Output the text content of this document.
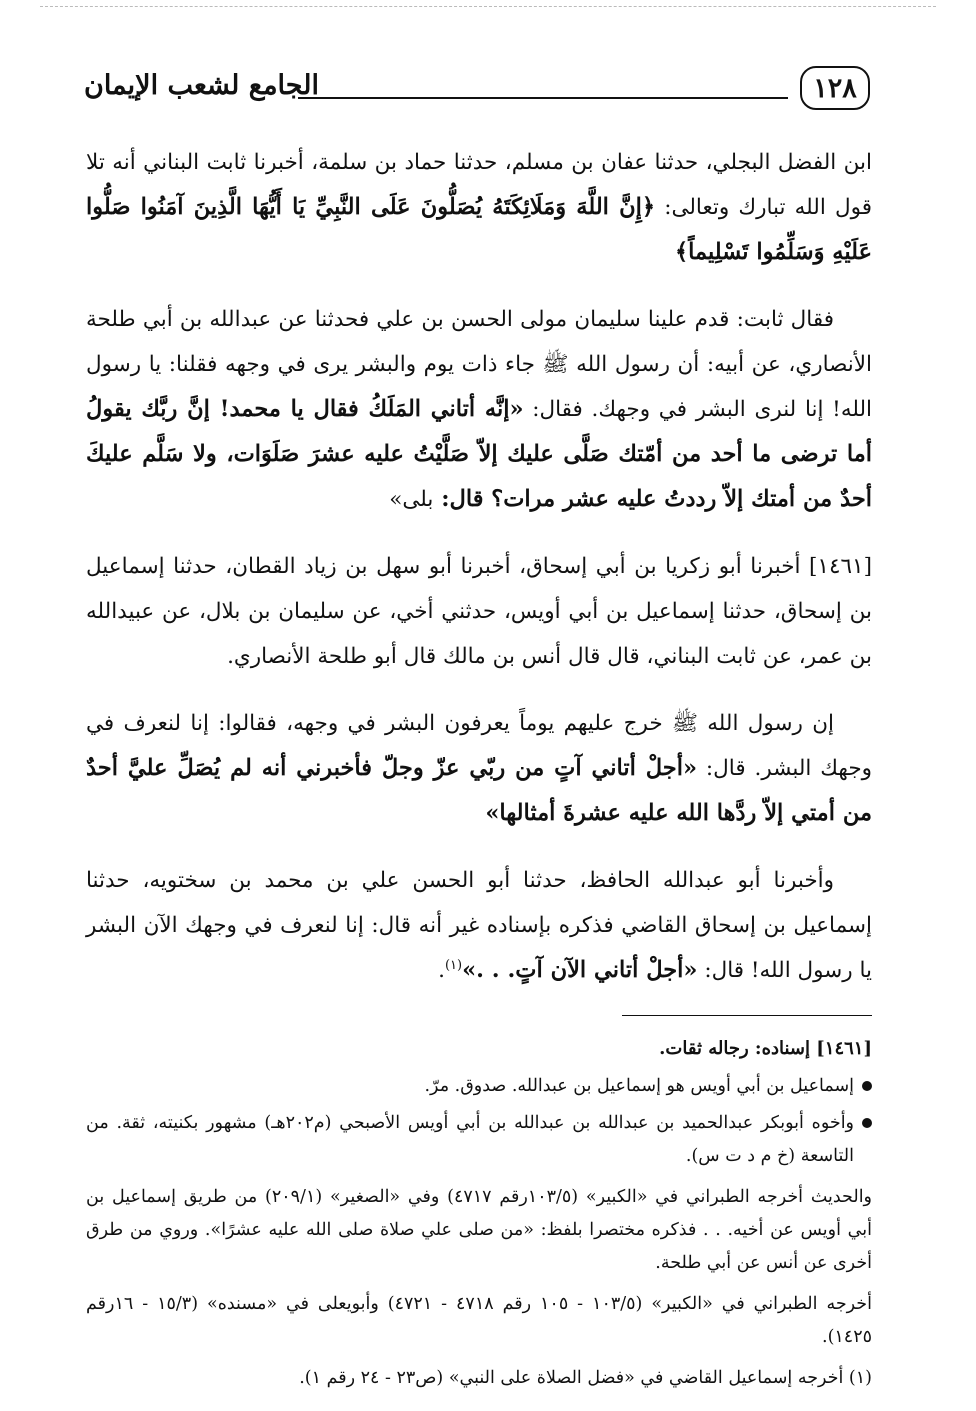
١٢٨
الجامع لشعب الإيمان

ابن الفضل البجلي، حدثنا عفان بن مسلم، حدثنا حماد بن سلمة، أخبرنا ثابت البناني أنه تلا قول الله تبارك وتعالى: ﴿إِنَّ اللَّهَ وَمَلَائِكَتَهُ يُصَلُّونَ عَلَى النَّبِيِّ يَا أَيُّهَا الَّذِينَ آمَنُوا صَلُّوا عَلَيْهِ وَسَلِّمُوا تَسْلِيماً﴾

فقال ثابت: قدم علينا سليمان مولى الحسن بن علي فحدثنا عن عبدالله بن أبي طلحة الأنصاري، عن أبيه: أن رسول الله ﷺ جاء ذات يوم والبشر يرى في وجهه فقلنا: يا رسول الله! إنا لنرى البشر في وجهك. فقال: «إنَّه أتاني المَلَكُ فقال يا محمد! إنَّ ربَّك يقولُ أما ترضى ما أحد من أمّتك صَلَّى عليك إلاّ صَلَّيْتُ عليه عشرَ صَلَوَات، ولا سَلَّم عليكَ أحدٌ من أمتك إلاّ رددتُ عليه عشر مرات؟ قال: بلى»

[١٤٦١] أخبرنا أبو زكريا بن أبي إسحاق، أخبرنا أبو سهل بن زياد القطان، حدثنا إسماعيل بن إسحاق، حدثنا إسماعيل بن أبي أويس، حدثني أخي، عن سليمان بن بلال، عن عبيدالله بن عمر، عن ثابت البناني، قال قال أنس بن مالك قال أبو طلحة الأنصاري.

إن رسول الله ﷺ خرج عليهم يوماً يعرفون البشر في وجهه، فقالوا: إنا لنعرف في وجهك البشر. قال: «أجلْ أتاني آتٍ من ربّي عزّ وجلّ فأخبرني أنه لم يُصَلِّ عليَّ أحدٌ من أمتي إلاّ ردَّها الله عليه عشرةَ أمثالها»

وأخبرنا أبو عبدالله الحافظ، حدثنا أبو الحسن علي بن محمد بن سختويه، حدثنا إسماعيل بن إسحاق القاضي فذكره بإسناده غير أنه قال: إنا لنعرف في وجهك الآن البشر يا رسول الله! قال: «أجلْ أتاني الآن آتٍ. . .»$^{(١)}$.

[١٤٦١] إسناده: رجاله ثقات.
إسماعيل بن أبي أويس هو إسماعيل بن عبدالله. صدوق. مرّ.
وأخوه أبوبكر عبدالحميد بن عبدالله بن عبدالله بن أبي أويس الأصبحي (م٢٠٢هـ) مشهور بكنيته، ثقة. من التاسعة (خ م د ت س).
والحديث أخرجه الطبراني في «الكبير» (١٠٣/٥رقم ٤٧١٧) وفي «الصغير» (٢٠٩/١) من طريق إسماعيل بن أبي أويس عن أخيه. . . فذكره مختصرا بلفظ: «من صلى علي صلاة صلى الله عليه عشرًا». وروي من طرق أخرى عن أنس عن أبي طلحة.
أخرجه الطبراني في «الكبير» (١٠٣/٥ - ١٠٥ رقم ٤٧١٨ - ٤٧٢١) وأبويعلى في «مسنده» (١٥/٣ - ١٦رقم ١٤٢٥).
(١) أخرجه إسماعيل القاضي في «فضل الصلاة على النبي» (ص٢٣ - ٢٤ رقم ١).
